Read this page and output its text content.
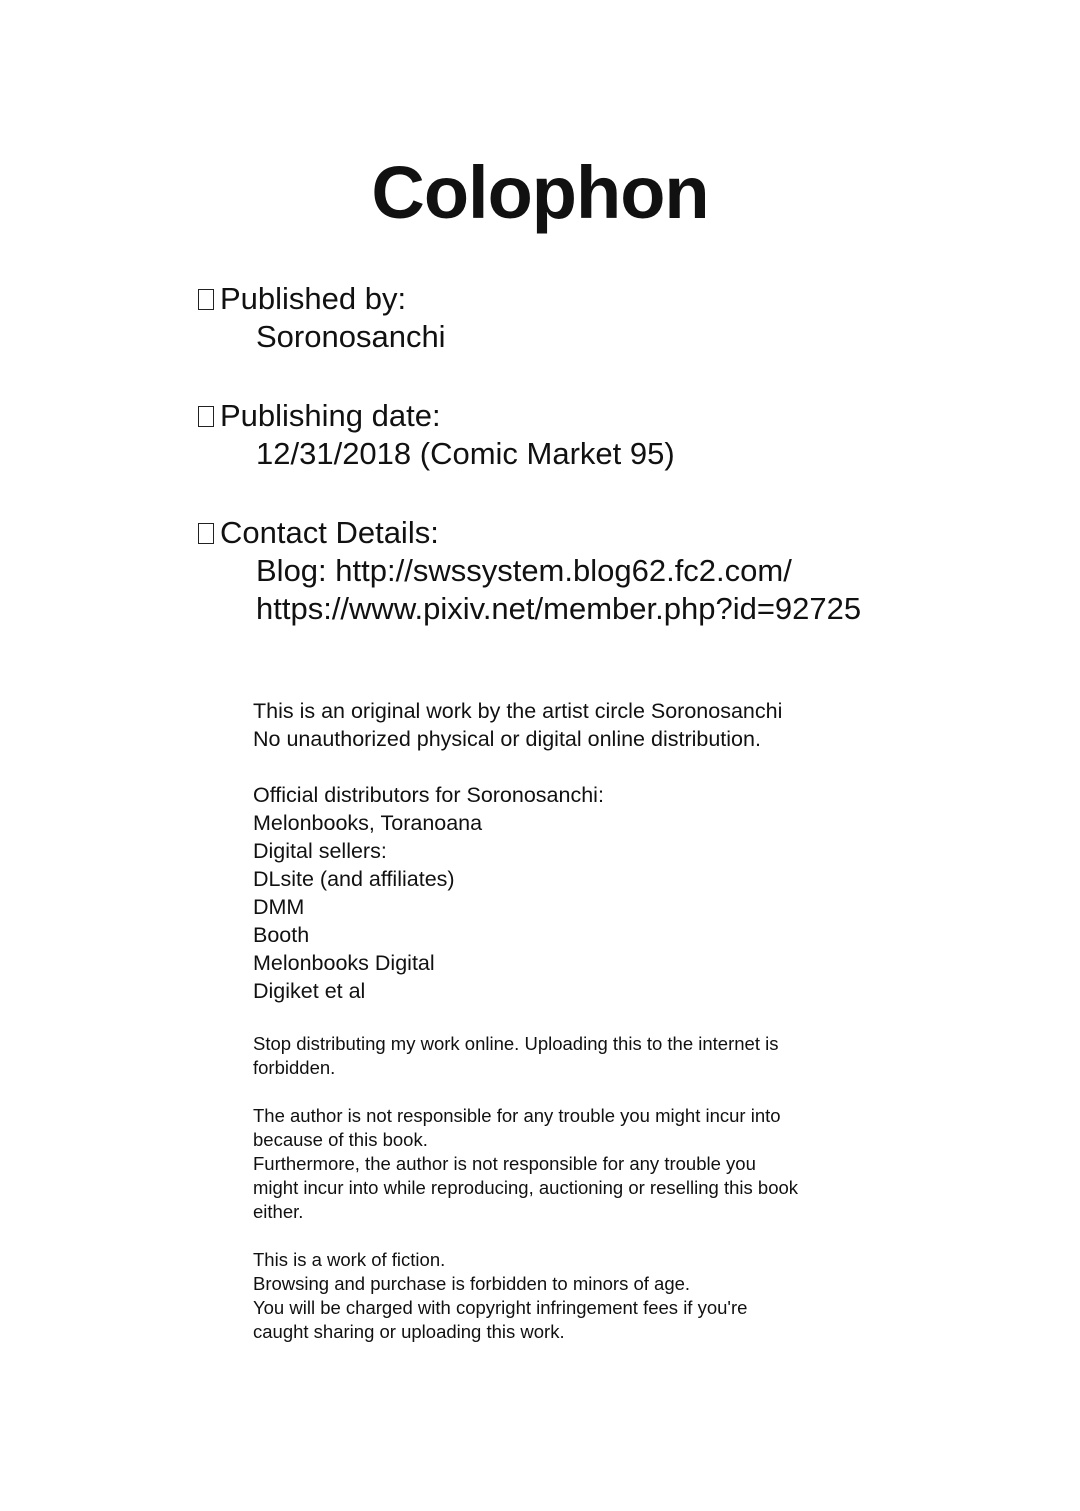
Colophon
Published by:
Soronosanchi
Publishing date:
12/31/2018 (Comic Market 95)
Contact Details:
Blog: http://swssystem.blog62.fc2.com/
https://www.pixiv.net/member.php?id=92725
This is an original work by the artist circle Soronosanchi
No unauthorized physical or digital online distribution.
Official distributors for Soronosanchi:
Melonbooks, Toranoana
Digital sellers:
DLsite (and affiliates)
DMM
Booth
Melonbooks Digital
Digiket et al
Stop distributing my work online. Uploading this to the internet is
forbidden.
The author is not responsible for any trouble you might incur into
because of this book.
Furthermore, the author is not responsible for any trouble you
might incur into while reproducing, auctioning or reselling this book
either.
This is a work of fiction.
Browsing and purchase is forbidden to minors of age.
You will be charged with copyright infringement fees if you're
caught sharing or uploading this work.
